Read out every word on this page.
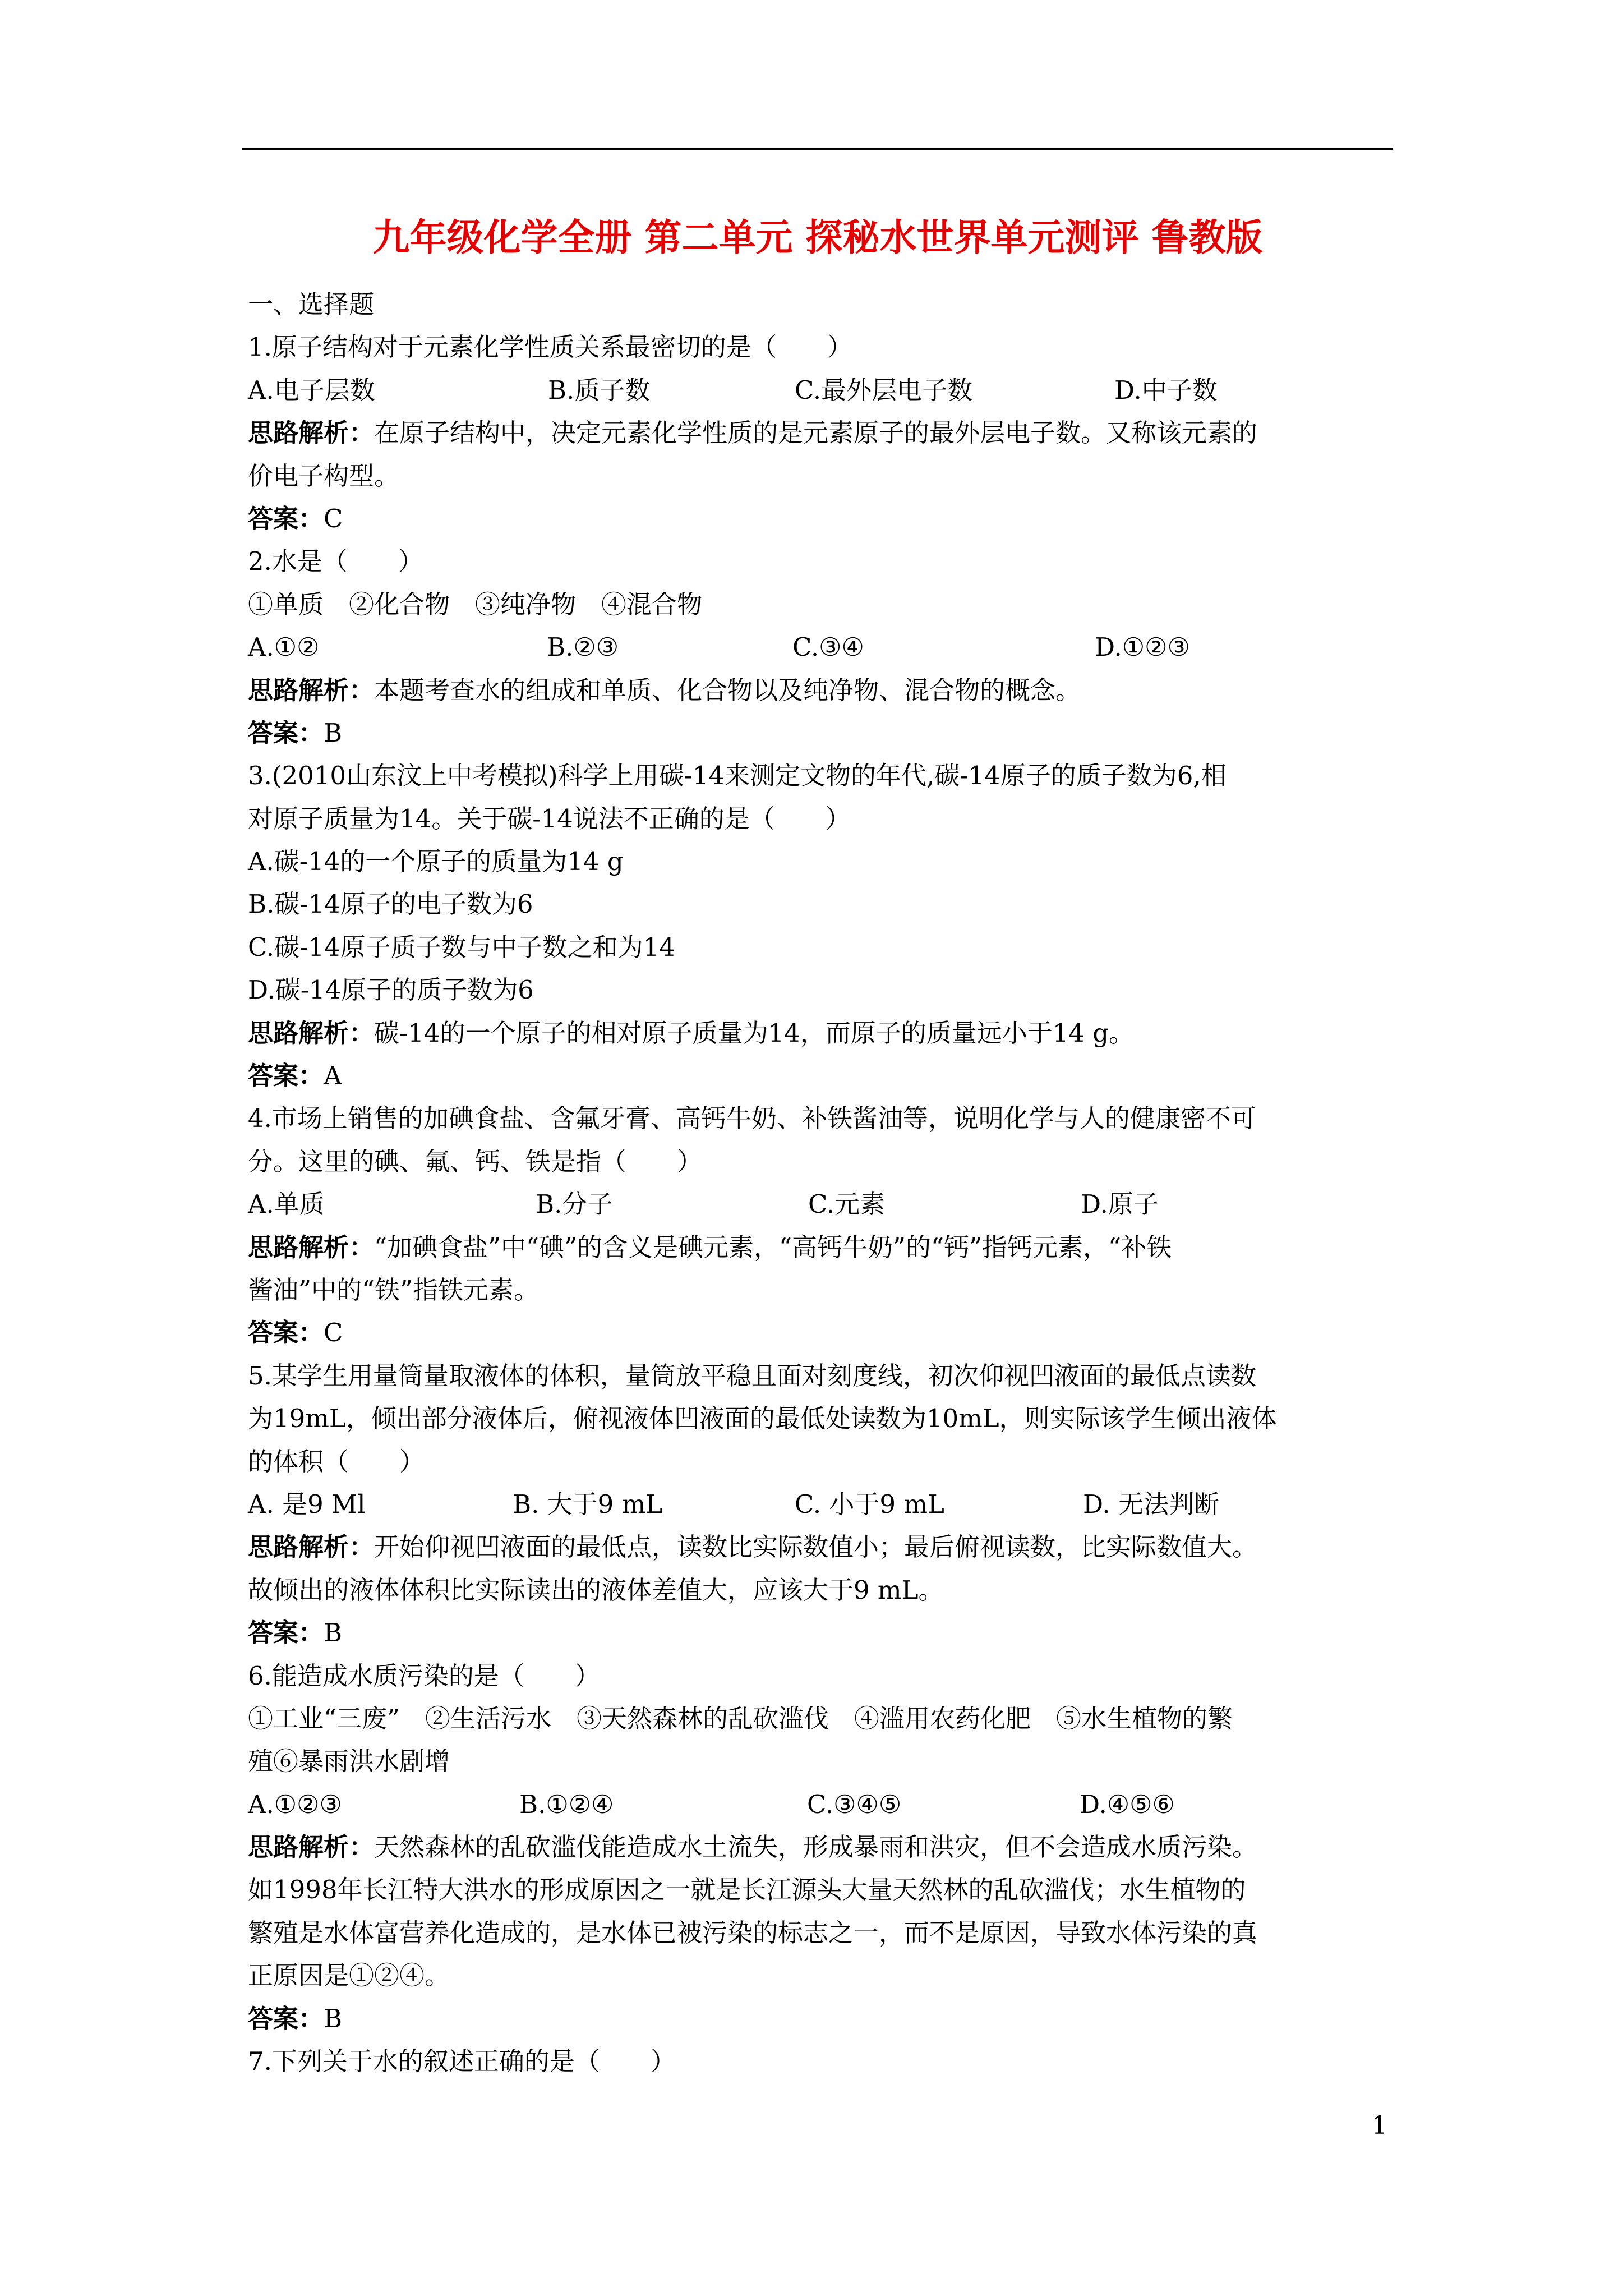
九年级化学全册 第二单元 探秘水世界单元测评 鲁教版
一、选择题
1.原子结构对于元素化学性质关系最密切的是（　　）
A.电子层数	B.质子数	C.最外层电子数	D.中子数
思路解析：在原子结构中，决定元素化学性质的是元素原子的最外层电子数。又称该元素的
价电子构型。
答案：C
2.水是（　　）
①单质　②化合物　③纯净物　④混合物
A.①②	B.②③	C.③④	D.①②③
思路解析：本题考查水的组成和单质、化合物以及纯净物、混合物的概念。
答案：B
3.(2010山东汶上中考模拟)科学上用碳-14来测定文物的年代,碳-14原子的质子数为6,相
对原子质量为14。关于碳-14说法不正确的是（　　）
A.碳-14的一个原子的质量为14 g
B.碳-14原子的电子数为6
C.碳-14原子质子数与中子数之和为14
D.碳-14原子的质子数为6
思路解析：碳-14的一个原子的相对原子质量为14，而原子的质量远小于14 g。
答案：A
4.市场上销售的加碘食盐、含氟牙膏、高钙牛奶、补铁酱油等，说明化学与人的健康密不可
分。这里的碘、氟、钙、铁是指（　　）
A.单质	B.分子	C.元素	D.原子
思路解析：“加碘食盐”中“碘”的含义是碘元素，“高钙牛奶”的“钙”指钙元素，“补铁
酱油”中的“铁”指铁元素。
答案：C
5.某学生用量筒量取液体的体积，量筒放平稳且面对刻度线，初次仰视凹液面的最低点读数
为19mL，倾出部分液体后，俯视液体凹液面的最低处读数为10mL，则实际该学生倾出液体
的体积（　　）
A. 是9 Ml	B. 大于9 mL	C. 小于9 mL	D. 无法判断
思路解析：开始仰视凹液面的最低点，读数比实际数值小；最后俯视读数，比实际数值大。
故倾出的液体体积比实际读出的液体差值大，应该大于9 mL。
答案：B
6.能造成水质污染的是（　　）
①工业“三废”　②生活污水　③天然森林的乱砍滥伐　④滥用农药化肥　⑤水生植物的繁
殖⑥暴雨洪水剧增
A.①②③	B.①②④	C.③④⑤	D.④⑤⑥
思路解析：天然森林的乱砍滥伐能造成水土流失，形成暴雨和洪灾，但不会造成水质污染。
如1998年长江特大洪水的形成原因之一就是长江源头大量天然林的乱砍滥伐；水生植物的
繁殖是水体富营养化造成的，是水体已被污染的标志之一，而不是原因，导致水体污染的真
正原因是①②④。
答案：B
7.下列关于水的叙述正确的是（　　）
1
